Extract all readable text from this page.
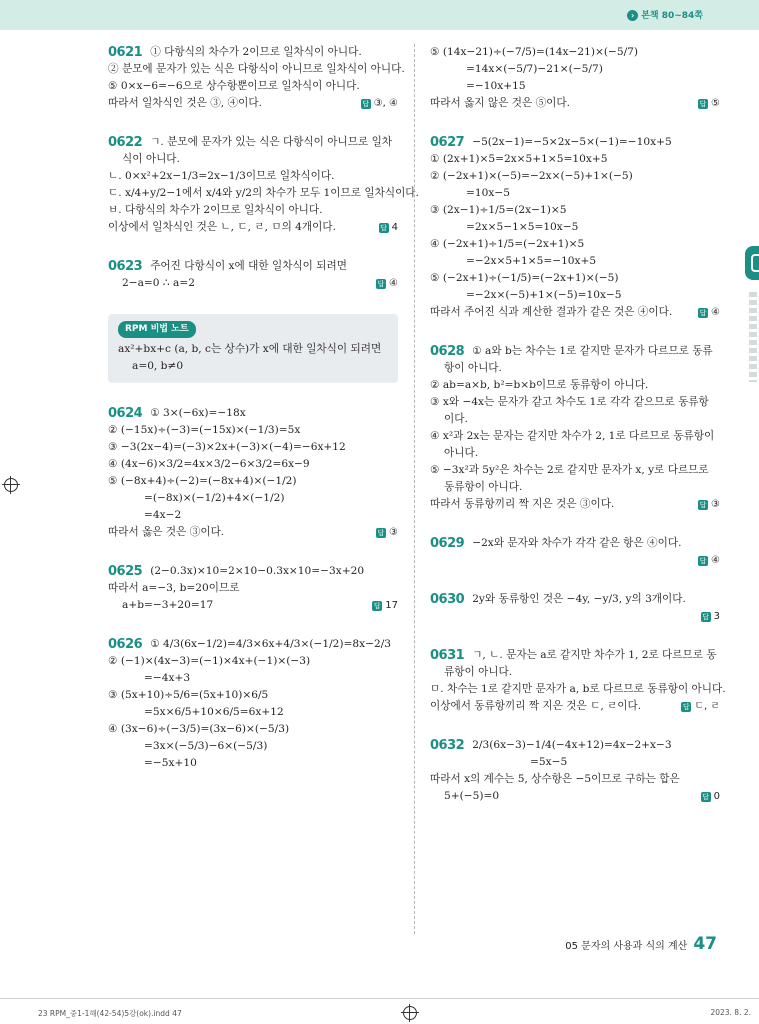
› 본책 80~84쪽
0621 ① 다항식의 차수가 2이므로 일차식이 아니다.
② 분모에 문자가 있는 식은 다항식이 아니므로 일차식이 아니다.
⑤ 0×x−6=−6으로 상수항뿐이므로 일차식이 아니다.
따라서 일차식인 것은 ③, ④이다.	답 ③, ④
0622 ㄱ. 분모에 문자가 있는 식은 다항식이 아니므로 일차
식이 아니다.
ㄴ. 0×x²+2x−1/3=2x−1/3이므로 일차식이다.
ㄷ. x/4+y/2−1에서 x/4와 y/2의 차수가 모두 1이므로 일차식이다.
ㅂ. 다항식의 차수가 2이므로 일차식이 아니다.
이상에서 일차식인 것은 ㄴ, ㄷ, ㄹ, ㅁ의 4개이다.	답 4
0623 주어진 다항식이 x에 대한 일차식이 되려면
2−a=0 ∴ a=2	답 ④
RPM 비법 노트
ax²+bx+c (a, b, c는 상수)가 x에 대한 일차식이 되려면
a=0, b≠0
0624 ① 3×(−6x)=−18x
② (−15x)÷(−3)=(−15x)×(−1/3)=5x
③ −3(2x−4)=(−3)×2x+(−3)×(−4)=−6x+12
④ (4x−6)×3/2=4x×3/2−6×3/2=6x−9
⑤ (−8x+4)÷(−2)=(−8x+4)×(−1/2)
=(−8x)×(−1/2)+4×(−1/2)
=4x−2
따라서 옳은 것은 ③이다.	답 ③
0625 (2−0.3x)×10=2×10−0.3x×10=−3x+20
따라서 a=−3, b=20이므로
a+b=−3+20=17	답 17
0626 ① 4/3(6x−1/2)=4/3×6x+4/3×(−1/2)=8x−2/3
② (−1)×(4x−3)=(−1)×4x+(−1)×(−3)
=−4x+3
③ (5x+10)÷5/6=(5x+10)×6/5
=5x×6/5+10×6/5=6x+12
④ (3x−6)÷(−3/5)=(3x−6)×(−5/3)
=3x×(−5/3)−6×(−5/3)
=−5x+10
⑤ (14x−21)÷(−7/5)=(14x−21)×(−5/7)
=14x×(−5/7)−21×(−5/7)
=−10x+15
따라서 옳지 않은 것은 ⑤이다.	답 ⑤
0627 −5(2x−1)=−5×2x−5×(−1)=−10x+5
① (2x+1)×5=2x×5+1×5=10x+5
② (−2x+1)×(−5)=−2x×(−5)+1×(−5)
=10x−5
③ (2x−1)÷1/5=(2x−1)×5
=2x×5−1×5=10x−5
④ (−2x+1)÷1/5=(−2x+1)×5
=−2x×5+1×5=−10x+5
⑤ (−2x+1)÷(−1/5)=(−2x+1)×(−5)
=−2x×(−5)+1×(−5)=10x−5
따라서 주어진 식과 계산한 결과가 같은 것은 ④이다.	답 ④
0628 ① a와 b는 차수는 1로 같지만 문자가 다르므로 동류
항이 아니다.
② ab=a×b, b²=b×b이므로 동류항이 아니다.
③ x와 −4x는 문자가 같고 차수도 1로 각각 같으므로 동류항
이다.
④ x²과 2x는 문자는 같지만 차수가 2, 1로 다르므로 동류항이
아니다.
⑤ −3x²과 5y²은 차수는 2로 같지만 문자가 x, y로 다르므로
동류항이 아니다.
따라서 동류항끼리 짝 지은 것은 ③이다.	답 ③
0629 −2x와 문자와 차수가 각각 같은 항은 ④이다.
답 ④
0630 2y와 동류항인 것은 −4y, −y/3, y의 3개이다.
답 3
0631 ㄱ, ㄴ. 문자는 a로 같지만 차수가 1, 2로 다르므로 동
류항이 아니다.
ㅁ. 차수는 1로 같지만 문자가 a, b로 다르므로 동류항이 아니다.
이상에서 동류항끼리 짝 지은 것은 ㄷ, ㄹ이다.	답 ㄷ, ㄹ
0632 2/3(6x−3)−1/4(−4x+12)=4x−2+x−3
=5x−5
따라서 x의 계수는 5, 상수항은 −5이므로 구하는 합은
5+(−5)=0	답 0
05 문자의 사용과 식의 계산 47
23 RPM_중1-1해(42-54)5강(ok).indd 47	2023. 8. 2.
